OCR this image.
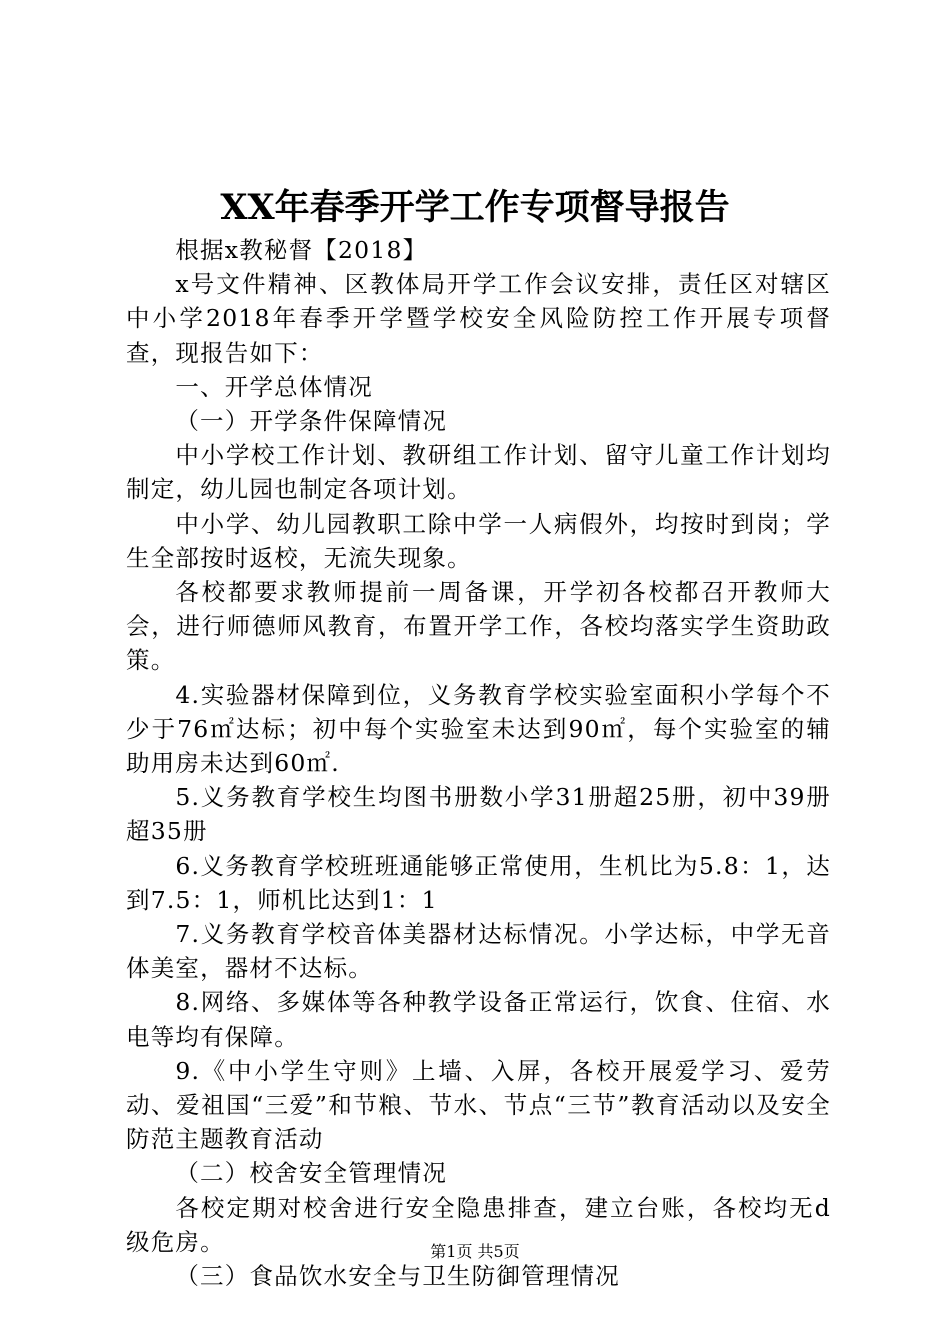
XX年春季开学工作专项督导报告

根据x教秘督【2018】

x号文件精神、区教体局开学工作会议安排，责任区对辖区中小学2018年春季开学暨学校安全风险防控工作开展专项督查，现报告如下：

一、开学总体情况

（一）开学条件保障情况

中小学校工作计划、教研组工作计划、留守儿童工作计划均制定，幼儿园也制定各项计划。

中小学、幼儿园教职工除中学一人病假外，均按时到岗；学生全部按时返校，无流失现象。

各校都要求教师提前一周备课，开学初各校都召开教师大会，进行师德师风教育，布置开学工作，各校均落实学生资助政策。

4.实验器材保障到位，义务教育学校实验室面积小学每个不少于76㎡达标；初中每个实验室未达到90㎡，每个实验室的辅助用房未达到60㎡.

5.义务教育学校生均图书册数小学31册超25册，初中39册超35册

6.义务教育学校班班通能够正常使用，生机比为5.8：1，达到7.5：1，师机比达到1：1

7.义务教育学校音体美器材达标情况。小学达标，中学无音体美室，器材不达标。

8.网络、多媒体等各种教学设备正常运行，饮食、住宿、水电等均有保障。

9.《中小学生守则》上墙、入屏，各校开展爱学习、爱劳动、爱祖国“三爱”和节粮、节水、节点“三节”教育活动以及安全防范主题教育活动

（二）校舍安全管理情况

各校定期对校舍进行安全隐患排查，建立台账，各校均无d级危房。

（三）食品饮水安全与卫生防御管理情况

第1页 共5页
